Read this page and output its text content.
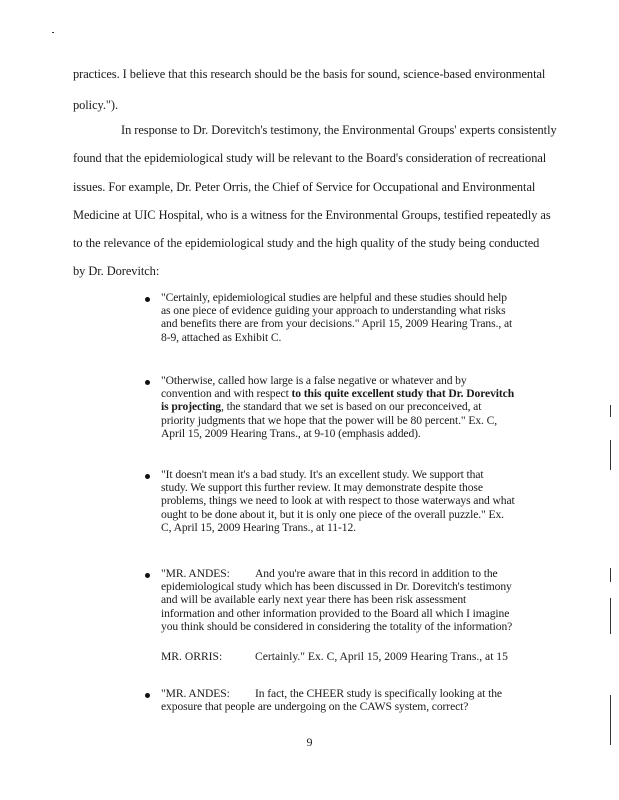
practices. I believe that this research should be the basis for sound, science-based environmental
policy.").
In response to Dr. Dorevitch's testimony, the Environmental Groups' experts consistently
found that the epidemiological study will be relevant to the Board's consideration of recreational
issues. For example, Dr. Peter Orris, the Chief of Service for Occupational and Environmental
Medicine at UIC Hospital, who is a witness for the Environmental Groups, testified repeatedly as
to the relevance of the epidemiological study and the high quality of the study being conducted
by Dr. Dorevitch:
"Certainly, epidemiological studies are helpful and these studies should help
as one piece of evidence guiding your approach to understanding what risks
and benefits there are from your decisions." April 15, 2009 Hearing Trans., at
8-9, attached as Exhibit C.
"Otherwise, called how large is a false negative or whatever and by
convention and with respect to this quite excellent study that Dr. Dorevitch
is projecting, the standard that we set is based on our preconceived, at
priority judgments that we hope that the power will be 80 percent." Ex. C,
April 15, 2009 Hearing Trans., at 9-10 (emphasis added).
"It doesn't mean it's a bad study. It's an excellent study. We support that
study. We support this further review. It may demonstrate despite those
problems, things we need to look at with respect to those waterways and what
ought to be done about it, but it is only one piece of the overall puzzle." Ex.
C, April 15, 2009 Hearing Trans., at 11-12.
"MR. ANDES: And you're aware that in this record in addition to the
epidemiological study which has been discussed in Dr. Dorevitch's testimony
and will be available early next year there has been risk assessment
information and other information provided to the Board all which I imagine
you think should be considered in considering the totality of the information?
MR. ORRIS:	Certainly." Ex. C, April 15, 2009 Hearing Trans., at 15
"MR. ANDES: In fact, the CHEER study is specifically looking at the
exposure that people are undergoing on the CAWS system, correct?
9
